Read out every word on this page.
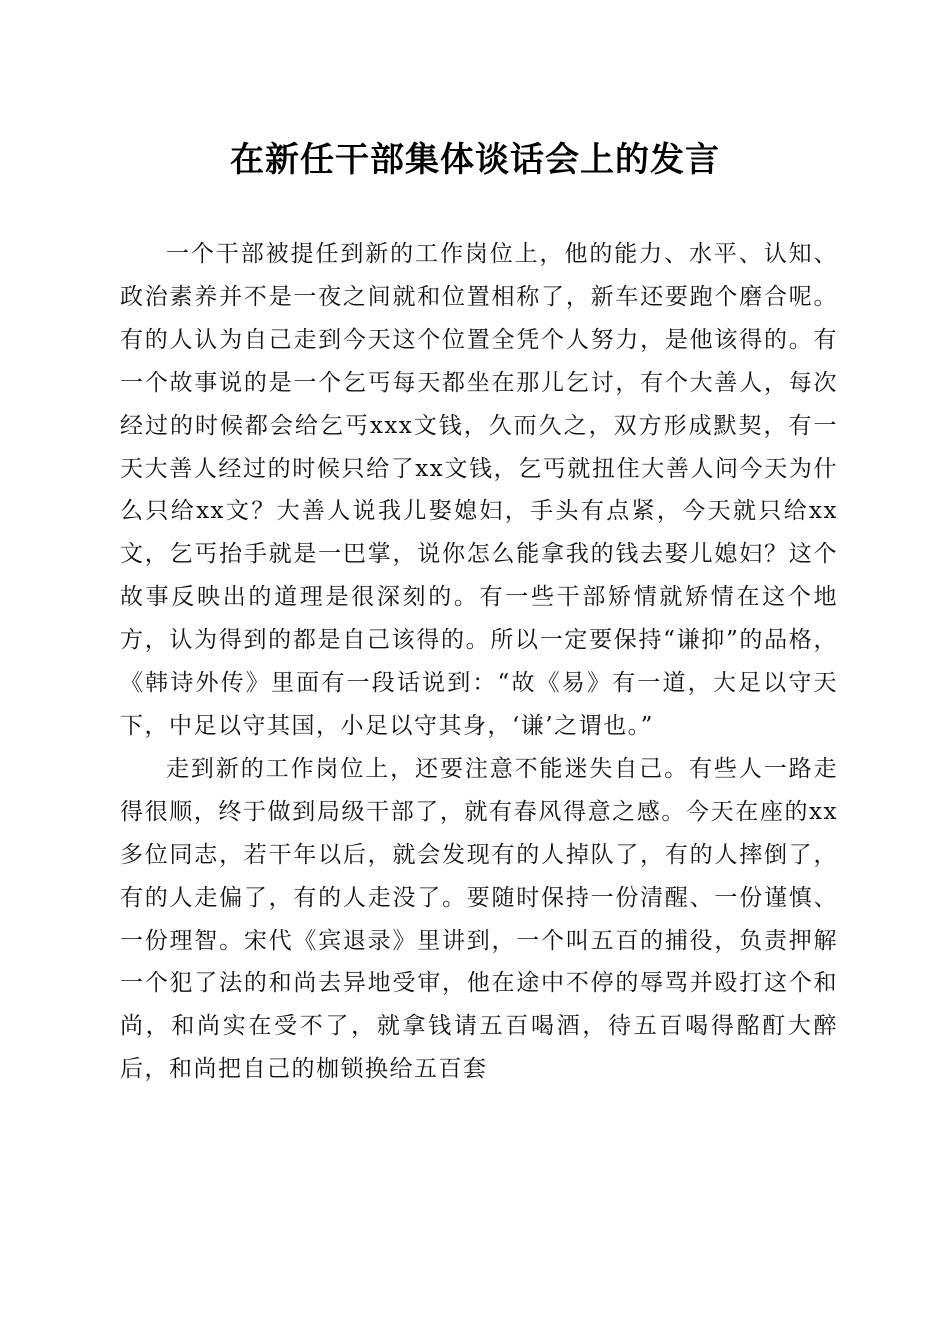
在新任干部集体谈话会上的发言

一个干部被提任到新的工作岗位上，他的能力、水平、认知、政治素养并不是一夜之间就和位置相称了，新车还要跑个磨合呢。有的人认为自己走到今天这个位置全凭个人努力，是他该得的。有一个故事说的是一个乞丐每天都坐在那儿乞讨，有个大善人，每次经过的时候都会给乞丐xxx文钱，久而久之，双方形成默契，有一天大善人经过的时候只给了xx文钱，乞丐就扭住大善人问今天为什么只给xx文？大善人说我儿娶媳妇，手头有点紧，今天就只给xx文，乞丐抬手就是一巴掌，说你怎么能拿我的钱去娶儿媳妇？这个故事反映出的道理是很深刻的。有一些干部矫情就矫情在这个地方，认为得到的都是自己该得的。所以一定要保持“谦抑”的品格，《韩诗外传》里面有一段话说到：“故《易》有一道，大足以守天下，中足以守其国，小足以守其身，‘谦’之谓也。”

走到新的工作岗位上，还要注意不能迷失自己。有些人一路走得很顺，终于做到局级干部了，就有春风得意之感。今天在座的xx多位同志，若干年以后，就会发现有的人掉队了，有的人摔倒了，有的人走偏了，有的人走没了。要随时保持一份清醒、一份谨慎、一份理智。宋代《宾退录》里讲到，一个叫五百的捕役，负责押解一个犯了法的和尚去异地受审，他在途中不停的辱骂并殴打这个和尚，和尚实在受不了，就拿钱请五百喝酒，待五百喝得酩酊大醉后，和尚把自己的枷锁换给五百套
